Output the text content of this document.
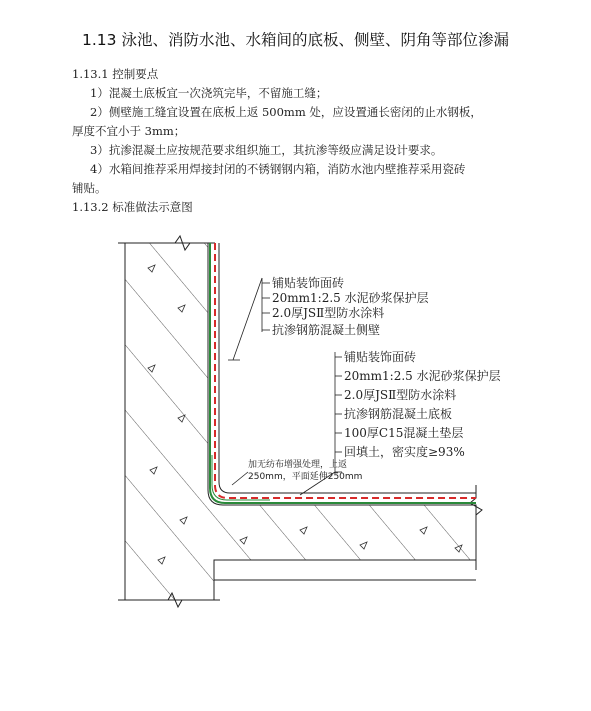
1.13 泳池、消防水池、水箱间的底板、侧壁、阴角等部位渗漏
1.13.1 控制要点
1）混凝土底板宜一次浇筑完毕，不留施工缝；
2）侧壁施工缝宜设置在底板上返 500mm 处，应设置通长密闭的止水钢板，
厚度不宜小于 3mm；
3）抗渗混凝土应按规范要求组织施工，其抗渗等级应满足设计要求。
4）水箱间推荐采用焊接封闭的不锈钢钢内箱，消防水池内壁推荐采用瓷砖
铺贴。
1.13.2 标准做法示意图
铺贴装饰面砖
20mm1:2.5 水泥砂浆保护层
2.0厚JSⅡ型防水涂料
抗渗钢筋混凝土侧壁
铺贴装饰面砖
20mm1:2.5 水泥砂浆保护层
2.0厚JSⅡ型防水涂料
抗渗钢筋混凝土底板
100厚C15混凝土垫层
回填土，密实度≥93%
加无纺布增强处理，上返
250mm，平面延伸250mm
